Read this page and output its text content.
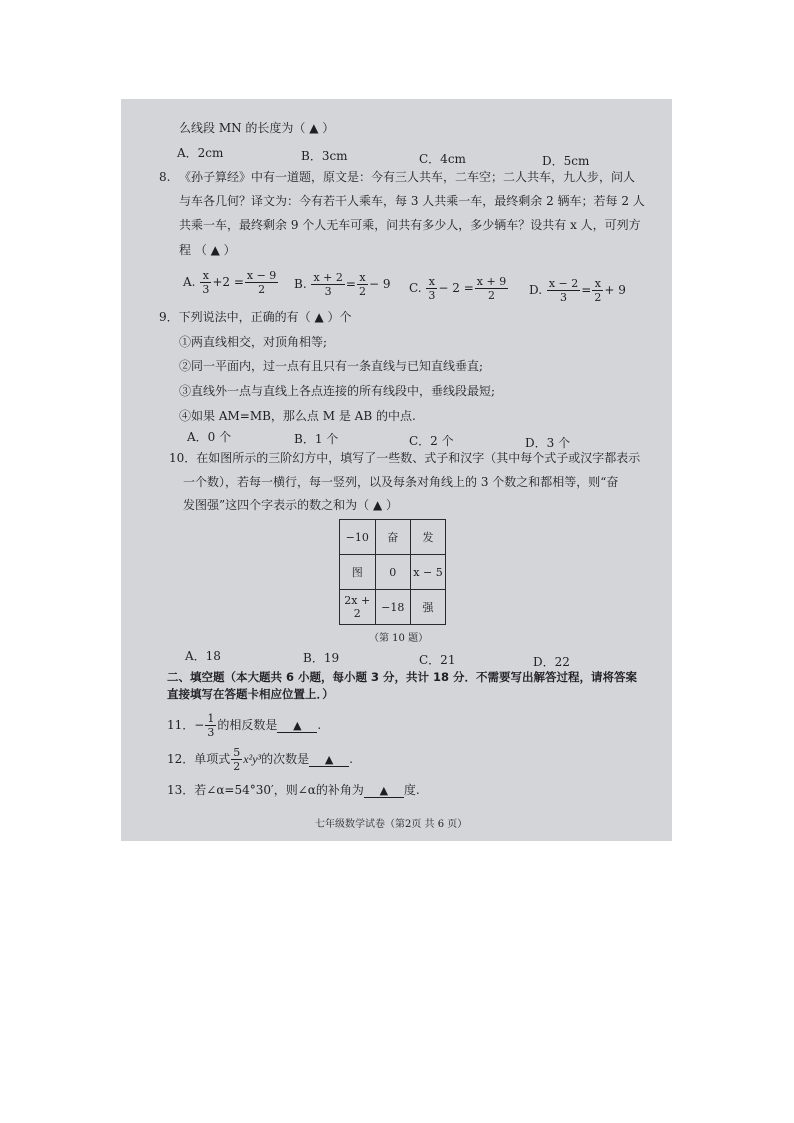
么线段 MN 的长度为（ ▲ ）
A．2cm	B．3cm	C．4cm	D．5cm
8. 《孙子算经》中有一道题，原文是：今有三人共车，二车空；二人共车，九人步，问人
与车各几何？译文为：今有若干人乘车，每 3 人共乘一车，最终剩余 2 辆车；若每 2 人
共乘一车，最终剩余 9 个人无车可乘，问共有多少人，多少辆车？设共有 x 人，可列方
程 （ ▲ ）
A. $\frac{x}{3} +2 = \frac{x - 9}{2} B$. $\frac{x + 2}{3} = \frac{x}{2} - 9$ C. $\frac{x}{3} - 2 = \frac{x + 9}{2} D$. $\frac{x - 2}{3} = \frac{x}{2} + 9$
9．下列说法中，正确的有（ ▲ ）个
①两直线相交，对顶角相等;
②同一平面内，过一点有且只有一条直线与已知直线垂直;
③直线外一点与直线上各点连接的所有线段中，垂线段最短;
④如果 AM=MB，那么点 M 是 AB 的中点.
A．0 个	B．1 个	C．2 个	D．3 个
10．在如图所示的三阶幻方中，填写了一些数、式子和汉字（其中每个式子或汉字都表示
一个数），若每一横行，每一竖列，以及每条对角线上的 3 个数之和都相等，则“奋
发图强”这四个字表示的数之和为（ ▲ ）
−10	奋	发
图	0	x − 5
2x + 2	−18	强
（第 10 题）
A．18	B．19	C．21	D．22
二、填空题（本大题共 6 小题，每小题 3 分，共计 18 分．不需要写出解答过程，请将答案
直接填写在答题卡相应位置上．）
11．− $\frac{1}{3}$ 的相反数是 ▲ .
12．单项式 $\frac{5}{2} x^2y^3$的次数是 ▲ .
13．若∠α=54°30′，则∠α的补角为 ▲ 度.
七年级数学试卷（第2页 共 6 页）
